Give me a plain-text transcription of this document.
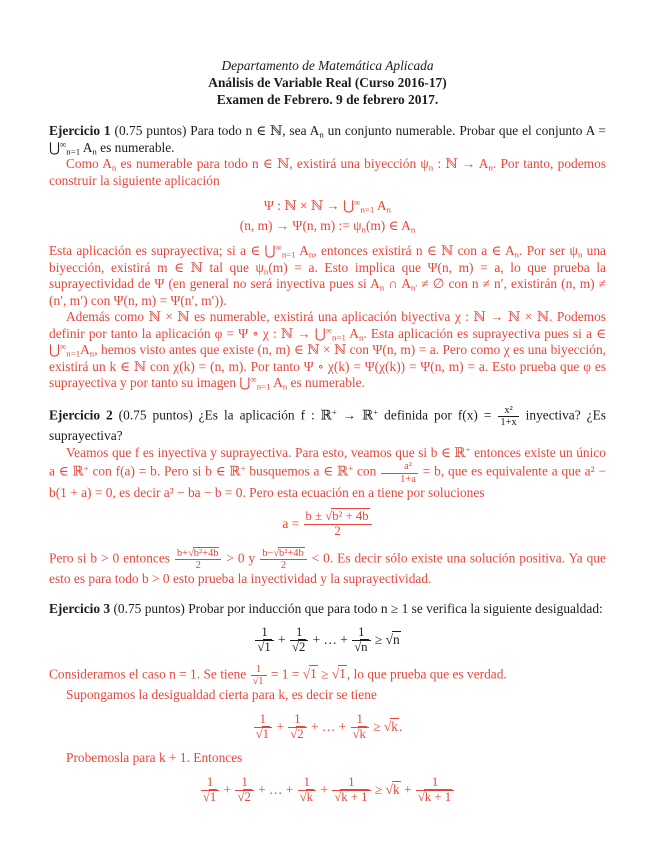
Departamento de Matemática Aplicada
Análisis de Variable Real (Curso 2016-17)
Examen de Febrero. 9 de febrero 2017.

Ejercicio 1 (0.75 puntos) Para todo n ∈ ℕ, sea $A_n$ un conjunto numerable. Probar que el conjunto $A = ⋃^\infty_{n=1}$ $A_n$ es numerable.

Como $A_n$ es numerable para todo n ∈ ℕ, existirá una biyección $\psi_n$ : ℕ → $A_n$. Por tanto, podemos construir la siguiente aplicación

Ψ : ℕ × ℕ → $⋃^\infty_{n=1}$ $A_n$
(n, m) → Ψ(n, m) := $\psi_n(m)$ ∈ $A_n$

Esta aplicación es suprayectiva; si a ∈ $⋃^\infty_{n=1}$ $A_n$, entonces existirá n ∈ ℕ con a ∈ $A_n$. Por ser $\psi_n$ una biyección, existirá m ∈ ℕ tal que $\psi_n(m) = a$. Esto implica que Ψ(n, m) = a, lo que prueba la suprayectividad de Ψ (en general no será inyectiva pues si $A_n$ ∩ $A_{n'}$ ≠ ∅ con n ≠ n′, existirán (n, m) ≠ (n′, m′) con Ψ(n, m) = Ψ(n′, m′)).

Además como ℕ × ℕ es numerable, existirá una aplicación biyectiva χ : ℕ → ℕ × ℕ. Podemos definir por tanto la aplicación φ = Ψ ∘ χ : ℕ → $⋃^\infty_{n=1}$ $A_n$. Esta aplicación es suprayectiva pues si a ∈ $⋃^\infty_{n=1}A_n$, hemos visto antes que existe (n, m) ∈ ℕ × ℕ con Ψ(n, m) = a. Pero como χ es una biyección, existirá un k ∈ ℕ con χ(k) = (n, m). Por tanto Ψ ∘ χ(k) = Ψ(χ(k)) = Ψ(n, m) = a. Esto prueba que φ es suprayectiva y por tanto su imagen $⋃^\infty_{n=1}$ $A_n$ es numerable.

Ejercicio 2 (0.75 puntos) ¿Es la aplicación f : ℝ+ → ℝ+ definida por $f(x) = \frac{\text{x²}}{1+x}$ inyectiva? ¿Es suprayectiva?

Veamos que f es inyectiva y suprayectiva. Para esto, veamos que si b ∈ ℝ+ entonces existe un único a ∈ ℝ+ con f(a) = b. Pero si b ∈ ℝ+ busquemos a ∈ ℝ+ con $\frac{\text{a²}}{1+a} = b$, que es equivalente a que a² − b(1 + a) = 0, es decir a² − ba − b = 0. Pero esta ecuación en a tiene por soluciones

$a = \frac{\text{b ± √b² + 4b}}{2}$

Pero si b > 0 entonces $\frac{\text{b+√b²+4b}}{2} > 0$ y $\frac{\text{b−√b²+4b}}{2} < 0$. Es decir sólo existe una solución positiva. Ya que esto es para todo b > 0 esto prueba la inyectividad y la suprayectividad.

Ejercicio 3 (0.75 puntos) Probar por inducción que para todo n ≥ 1 se verifica la siguiente desigualdad:

$\frac{1}{√1} + \frac{1}{√2}$ + … + $\frac{1}{√n} \ge √n$

Consideramos el caso n = 1. Se tiene $\frac{1}{√1} = 1 = √1 \ge √1$, lo que prueba que es verdad.

Supongamos la desigualdad cierta para k, es decir se tiene

$\frac{1}{√1} + \frac{1}{√2}$ + … + $\frac{1}{√k} \ge √k$.

Probemosla para k + 1. Entonces

$\frac{1}{√1} + \frac{1}{√2}$ + … + $\frac{1}{√k} + \frac{1}{√k + 1} \ge √k + \frac{1}{√k + 1}$
